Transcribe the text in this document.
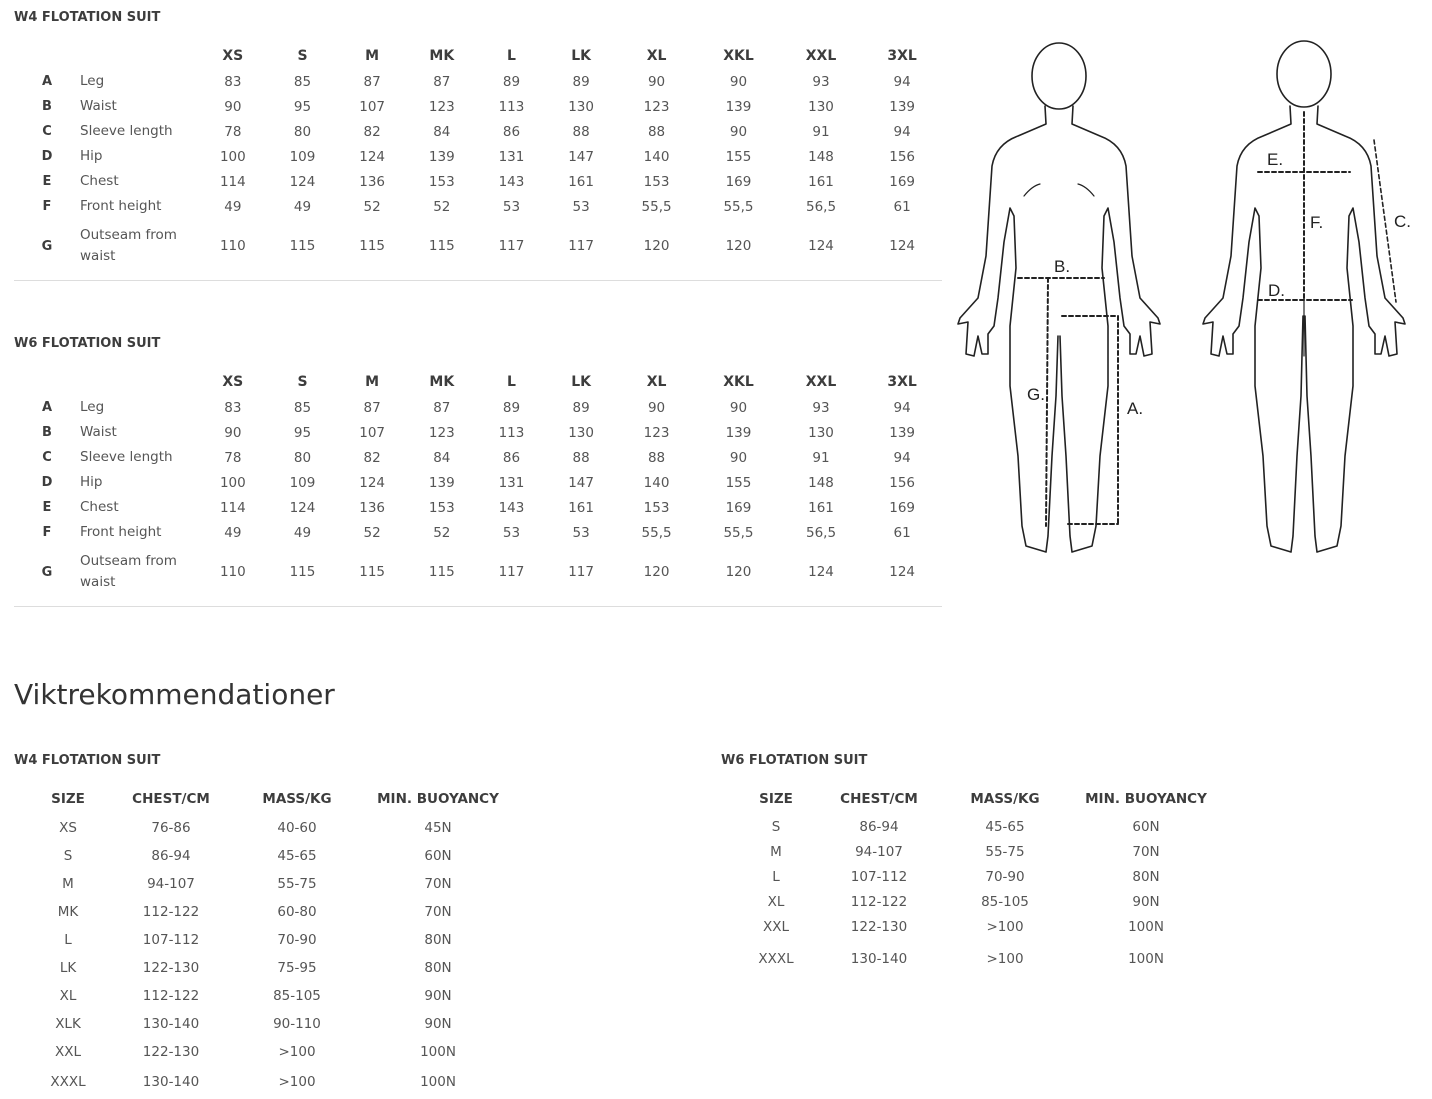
W4 FLOTATION SUIT
		XS	S	M	MK	L	LK	XL	XKL	XXL	3XL
A	Leg	83	85	87	87	89	89	90	90	93	94
B	Waist	90	95	107	123	113	130	123	139	130	139
C	Sleeve length	78	80	82	84	86	88	88	90	91	94
D	Hip	100	109	124	139	131	147	140	155	148	156
E	Chest	114	124	136	153	143	161	153	169	161	169
F	Front height	49	49	52	52	53	53	55,5	55,5	56,5	61
G	Outseam from waist	110	115	115	115	117	117	120	120	124	124
W6 FLOTATION SUIT
		XS	S	M	MK	L	LK	XL	XKL	XXL	3XL
A	Leg	83	85	87	87	89	89	90	90	93	94
B	Waist	90	95	107	123	113	130	123	139	130	139
C	Sleeve length	78	80	82	84	86	88	88	90	91	94
D	Hip	100	109	124	139	131	147	140	155	148	156
E	Chest	114	124	136	153	143	161	153	169	161	169
F	Front height	49	49	52	52	53	53	55,5	55,5	56,5	61
G	Outseam from waist	110	115	115	115	117	117	120	120	124	124
B.
G.
A.
E.
F.	C.
D.
Viktrekommendationer
W4 FLOTATION SUIT
SIZE	CHEST/CM	MASS/KG	MIN. BUOYANCY
XS	76-86	40-60	45N
S	86-94	45-65	60N
M	94-107	55-75	70N
MK	112-122	60-80	70N
L	107-112	70-90	80N
LK	122-130	75-95	80N
XL	112-122	85-105	90N
XLK	130-140	90-110	90N
XXL	122-130	>100	100N
XXXL	130-140	>100	100N
W6 FLOTATION SUIT
SIZE	CHEST/CM	MASS/KG	MIN. BUOYANCY
S	86-94	45-65	60N
M	94-107	55-75	70N
L	107-112	70-90	80N
XL	112-122	85-105	90N
XXL	122-130	>100	100N
XXXL	130-140	>100	100N
